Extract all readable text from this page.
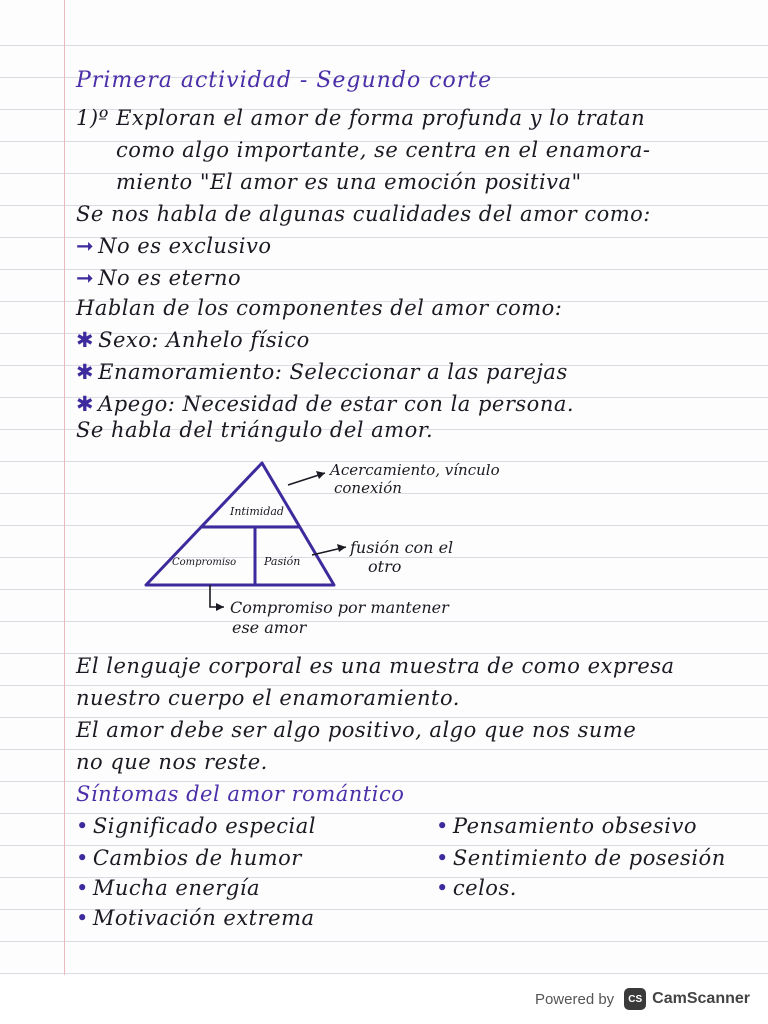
Primera actividad - Segundo corte
1)º Exploran el amor de forma profunda y lo tratan
como algo importante, se centra en el enamora-
miento "El amor es una emoción positiva"
Se nos habla de algunas cualidades del amor como:
➞ No es exclusivo
➞ No es eterno
Hablan de los componentes del amor como:
✱ Sexo: Anhelo físico
✱ Enamoramiento: Seleccionar a las parejas
✱ Apego: Necesidad de estar con la persona.
Se habla del triángulo del amor.
Intimidad
Compromiso	Pasión
Acercamiento, vínculo
conexión
fusión con el
otro
Compromiso por mantener
ese amor
El lenguaje corporal es una muestra de como expresa
nuestro cuerpo el enamoramiento.
El amor debe ser algo positivo, algo que nos sume
no que nos reste.
Síntomas del amor romántico
• Significado especial	• Pensamiento obsesivo
• Cambios de humor	• Sentimiento de posesión
• Mucha energía	• celos.
• Motivación extrema
Powered by	CS CamScanner
